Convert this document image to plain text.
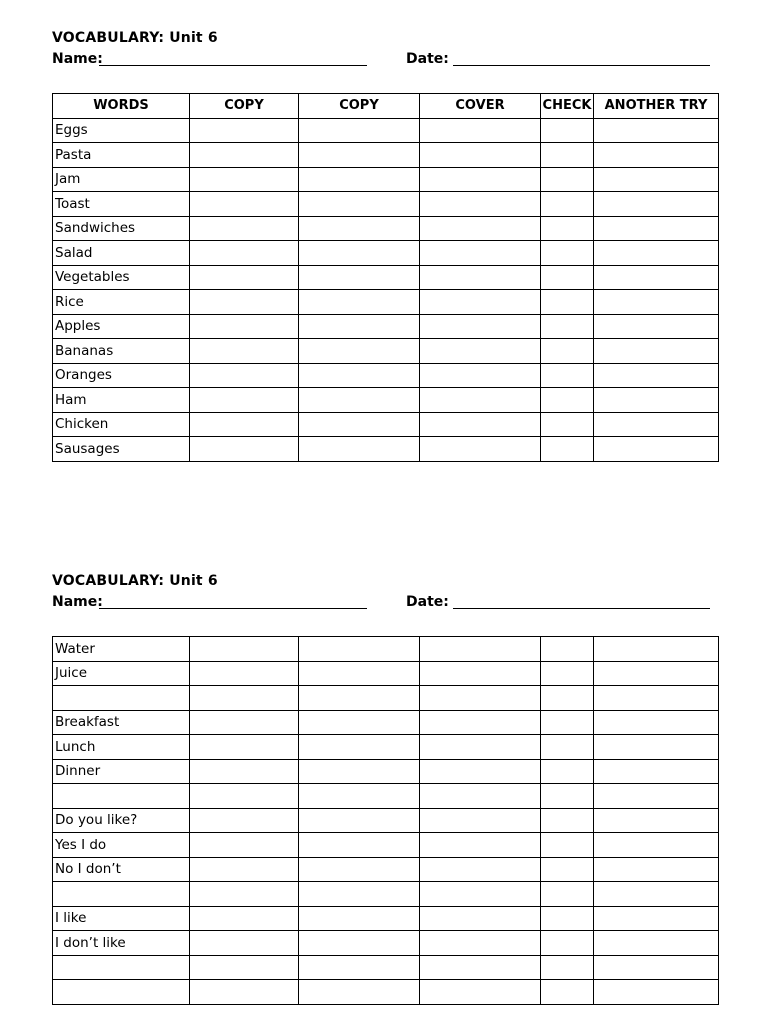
VOCABULARY: Unit 6
Name:	Date:
WORDS	COPY	COPY	COVER	CHECK	ANOTHER TRY
Eggs					
Pasta					
Jam					
Toast					
Sandwiches					
Salad					
Vegetables					
Rice					
Apples					
Bananas					
Oranges					
Ham					
Chicken					
Sausages					
VOCABULARY: Unit 6
Name:	Date:
Water					
Juice					

Breakfast					
Lunch					
Dinner					

Do you like?					
Yes I do					
No I don’t					

I like					
I don’t like					
